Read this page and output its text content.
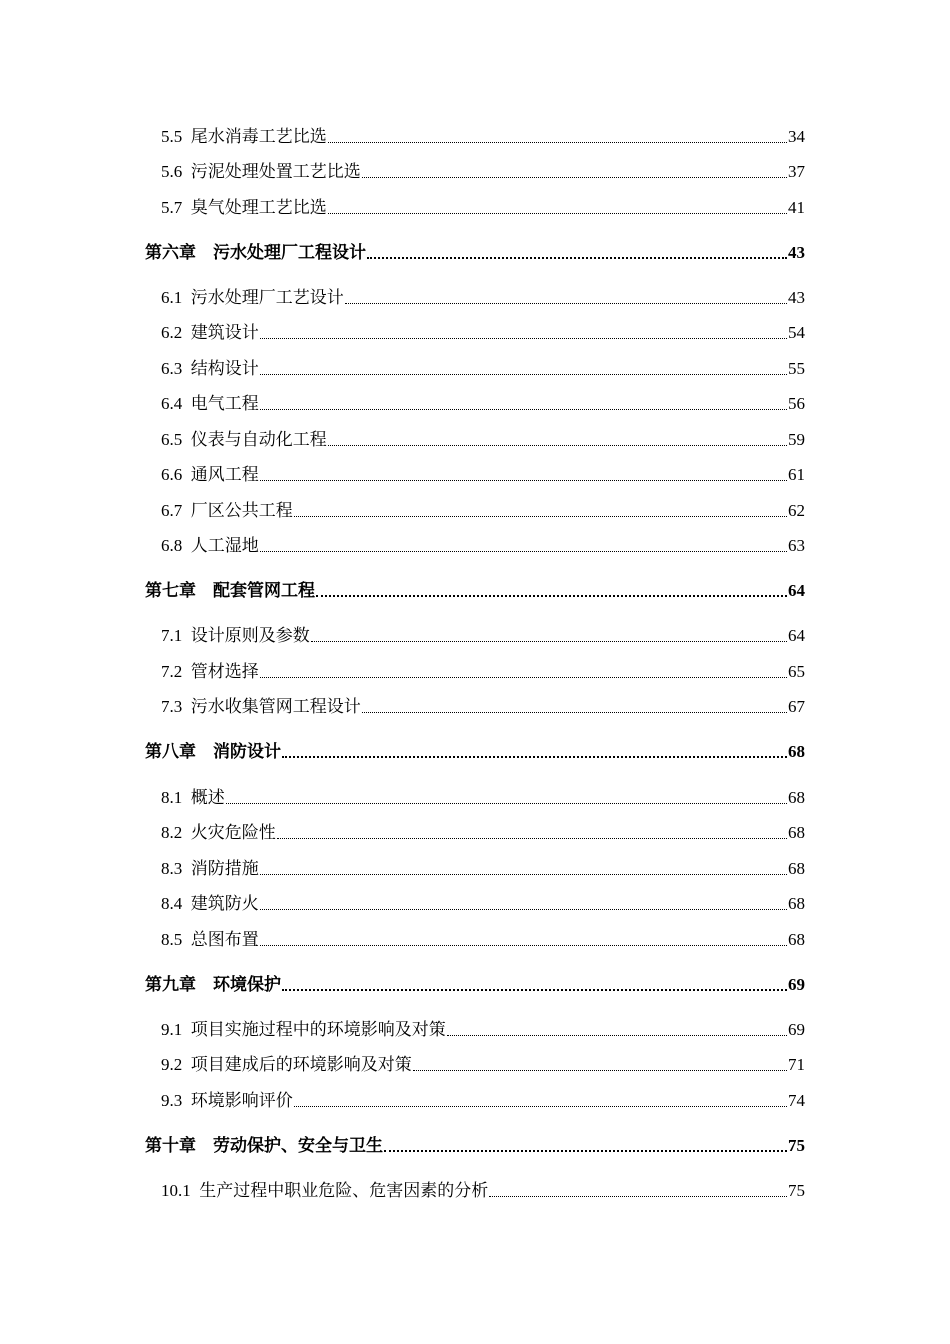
5.5
  尾水消毒工艺比选	34
5.6
  污泥处理处置工艺比选	37
5.7
  臭气处理工艺比选	41
第六章
  污水处理厂工程设计	43
6.1
  污水处理厂工艺设计	43
6.2
  建筑设计	54
6.3
  结构设计	55
6.4
  电气工程	56
6.5
  仪表与自动化工程	59
6.6
  通风工程	61
6.7
  厂区公共工程	62
6.8
  人工湿地	63
第七章
  配套管网工程	64
7.1
  设计原则及参数	64
7.2
  管材选择	65
7.3
  污水收集管网工程设计	67
第八章
  消防设计	68
8.1
  概述	68
8.2
  火灾危险性	68
8.3
  消防措施	68
8.4
  建筑防火	68
8.5
  总图布置	68
第九章
  环境保护	69
9.1
  项目实施过程中的环境影响及对策	69
9.2
  项目建成后的环境影响及对策	71
9.3
  环境影响评价	74
第十章
  劳动保护、安全与卫生	75
10.1
  生产过程中职业危险、危害因素的分析	75
